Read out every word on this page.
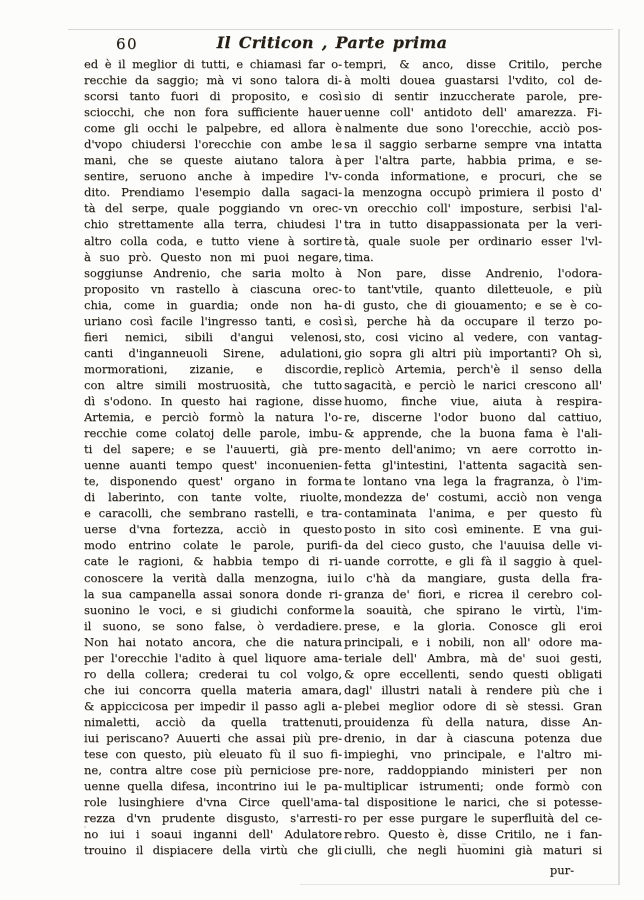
60	Il Criticon , Parte prima
ed è il meglior di tutti, e chiamasi far o-
recchie da saggio; mà vi sono talora di-
scorsi tanto fuori di proposito, e così
sciocchi, che non fora sufficiente hauer
come gli occhi le palpebre, ed allora è
d'vopo chiudersi l'orecchie con ambe le
mani, che se queste aiutano talora à
sentire, seruono anche à impedire l'v-
dito. Prendiamo l'esempio dalla sagaci-
tà del serpe, quale poggiando vn orec-
chio strettamente alla terra, chiudesi l'
altro colla coda, e tutto viene à sortire
à suo prò. Questo non mi puoi negare,
soggiunse Andrenio, che saria molto à
proposito vn rastello à ciascuna orec-
chia, come in guardia; onde non ha-
uriano così facile l'ingresso tanti, e così
fieri nemici, sibili d'angui velenosi,
canti d'inganneuoli Sirene, adulationi,
mormorationi, zizanie, e discordie,
con altre simili mostruosità, che tutto
dì s'odono. In questo hai ragione, disse
Artemia, e perciò formò la natura l'o-
recchie come colatoj delle parole, imbu-
ti del sapere; e se l'auuerti, già pre-
uenne auanti tempo quest' inconuenien-
te, disponendo quest' organo in forma
di laberinto, con tante volte, riuolte,
e caracolli, che sembrano rastelli, e tra-
uerse d'vna fortezza, acciò in questo
modo entrino colate le parole, purifi-
cate le ragioni, & habbia tempo di ri-
conoscere la verità dalla menzogna, iui
la sua campanella assai sonora donde ri-
suonino le voci, e si giudichi conforme
il suono, se sono false, ò verdadiere.
Non hai notato ancora, che die natura
per l'orecchie l'adito à quel liquore ama-
ro della collera; crederai tu col volgo,
che iui concorra quella materia amara,
& appiccicosa per impedir il passo agli a-
nimaletti, acciò da quella trattenuti,
iui periscano? Auuerti che assai più pre-
tese con questo, più eleuato fù il suo fi-
ne, contra altre cose più perniciose pre-
uenne quella difesa, incontrino iui le pa-
role lusinghiere d'vna Circe quell'ama-
rezza d'vn prudente disgusto, s'arresti-
no iui i soaui inganni dell' Adulatore
trouino il dispiacere della virtù che gli
tempri, & anco, disse Critilo, perche
à molti douea guastarsi l'vdito, col de-
sio di sentir inzuccherate parole, pre-
uenne coll' antidoto dell' amarezza. Fi-
nalmente due sono l'orecchie, acciò pos-
sa il saggio serbarne sempre vna intatta
per l'altra parte, habbia prima, e se-
conda informatione, e procuri, che se
la menzogna occupò primiera il posto d'
vn orecchio coll' imposture, serbisi l'al-
tra in tutto disappassionata per la veri-
tà, quale suole per ordinario esser l'vl-
tima.
Non pare, disse Andrenio, l'odora-
to tant'vtile, quanto diletteuole, e più
di gusto, che di giouamento; e se è co-
sì, perche hà da occupare il terzo po-
sto, cosi vicino al vedere, con vantag-
gio sopra gli altri più importanti? Oh sì,
replicò Artemia, perch'è il senso della
sagacità, e perciò le narici crescono all'
huomo, finche viue, aiuta à respira-
re, discerne l'odor buono dal cattiuo,
& apprende, che la buona fama è l'ali-
mento dell'animo; vn aere corrotto in-
fetta gl'intestini, l'attenta sagacità sen-
te lontano vna lega la fragranza, ò l'im-
mondezza de' costumi, acciò non venga
contaminata l'anima, e per questo fù
posto in sito così eminente. E vna gui-
da del cieco gusto, che l'auuisa delle vi-
uande corrotte, e gli fà il saggio à quel-
lo c'hà da mangiare, gusta della fra-
granza de' fiori, e ricrea il cerebro col-
la soauità, che spirano le virtù, l'im-
prese, e la gloria. Conosce gli eroi
principali, e i nobili, non all' odore ma-
teriale dell' Ambra, mà de' suoi gesti,
& opre eccellenti, sendo questi obligati
dagl' illustri natali à rendere più che i
plebei meglior odore di sè stessi. Gran
prouidenza fù della natura, disse An-
drenio, in dar à ciascuna potenza due
impieghi, vno principale, e l'altro mi-
nore, raddoppiando ministeri per non
multiplicar istrumenti; onde formò con
tal dispositione le narici, che si potesse-
ro per esse purgare le superfluità del ce-
rebro. Questo è, disse Critilo, ne i fan-
ciulli, che negli huomini già maturi si
pur-
